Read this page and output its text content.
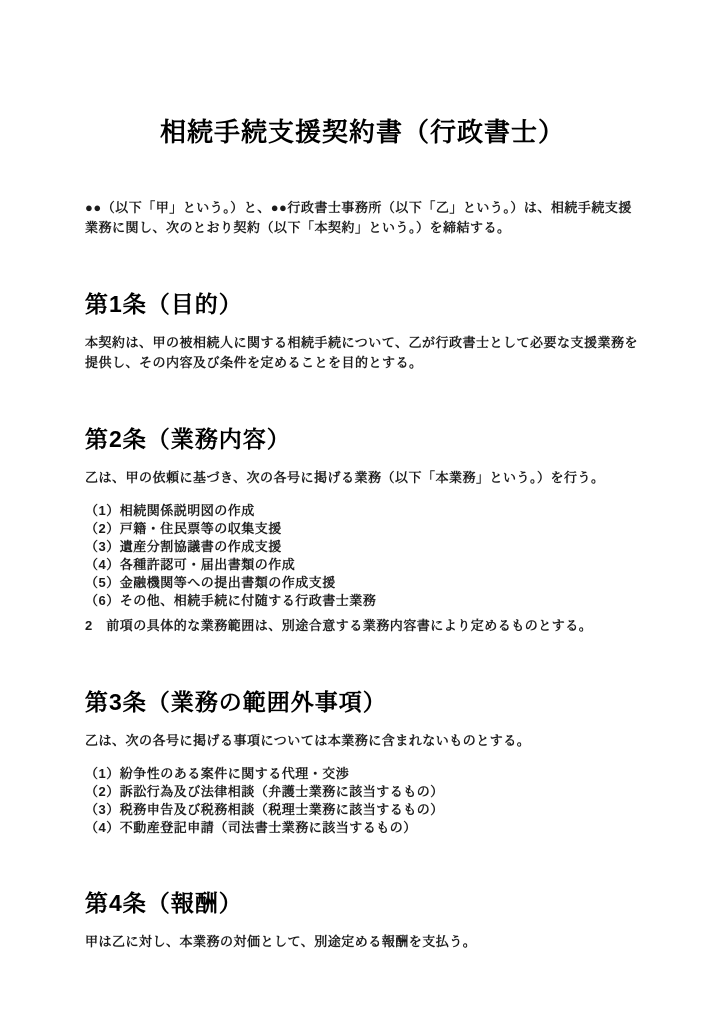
相続手続支援契約書（行政書士）

●●（以下「甲」という。）と、●●行政書士事務所（以下「乙」という。）は、相続手続支援業務に関し、次のとおり契約（以下「本契約」という。）を締結する。

第1条（目的）

本契約は、甲の被相続人に関する相続手続について、乙が行政書士として必要な支援業務を提供し、その内容及び条件を定めることを目的とする。

第2条（業務内容）

乙は、甲の依頼に基づき、次の各号に掲げる業務（以下「本業務」という。）を行う。

（1）相続関係説明図の作成
（2）戸籍・住民票等の収集支援
（3）遺産分割協議書の作成支援
（4）各種許認可・届出書類の作成
（5）金融機関等への提出書類の作成支援
（6）その他、相続手続に付随する行政書士業務

2　前項の具体的な業務範囲は、別途合意する業務内容書により定めるものとする。

第3条（業務の範囲外事項）

乙は、次の各号に掲げる事項については本業務に含まれないものとする。

（1）紛争性のある案件に関する代理・交渉
（2）訴訟行為及び法律相談（弁護士業務に該当するもの）
（3）税務申告及び税務相談（税理士業務に該当するもの）
（4）不動産登記申請（司法書士業務に該当するもの）
第4条（報酬）

甲は乙に対し、本業務の対価として、別途定める報酬を支払う。
